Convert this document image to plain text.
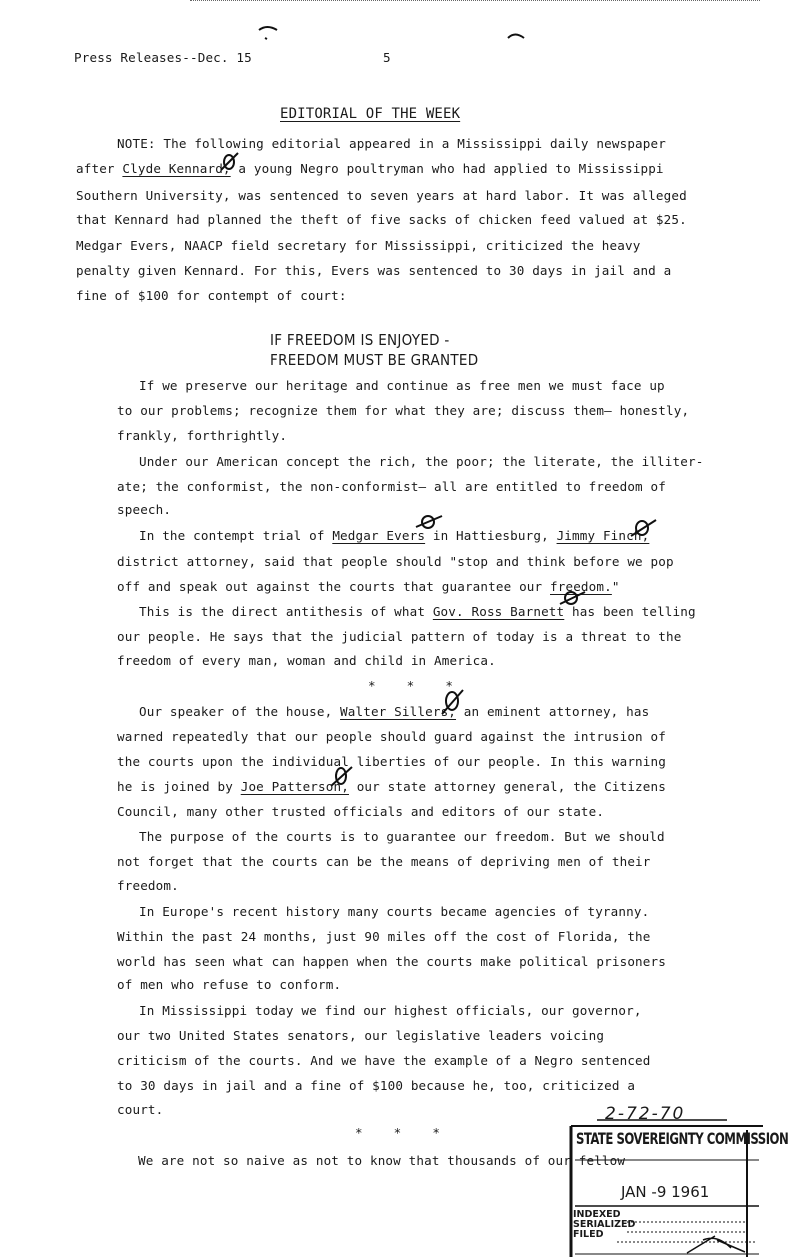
Press Releases--Dec. 15	5
EDITORIAL OF THE WEEK
NOTE: The following editorial appeared in a Mississippi daily newspaper
after Clyde Kennard, a young Negro poultryman who had applied to Mississippi
Southern University, was sentenced to seven years at hard labor. It was alleged
that Kennard had planned the theft of five sacks of chicken feed valued at $25.
Medgar Evers, NAACP field secretary for Mississippi, criticized the heavy
penalty given Kennard. For this, Evers was sentenced to 30 days in jail and a
fine of $100 for contempt of court:
IF FREEDOM IS ENJOYED -
FREEDOM MUST BE GRANTED
If we preserve our heritage and continue as free men we must face up
to our problems; recognize them for what they are; discuss them— honestly,
frankly, forthrightly.
Under our American concept the rich, the poor; the literate, the illiter-
ate; the conformist, the non-conformist— all are entitled to freedom of
speech.
In the contempt trial of Medgar Evers in Hattiesburg, Jimmy Finch,
district attorney, said that people should "stop and think before we pop
off and speak out against the courts that guarantee our freedom."
This is the direct antithesis of what Gov. Ross Barnett has been telling
our people. He says that the judicial pattern of today is a threat to the
freedom of every man, woman and child in America.
*    *    *
Our speaker of the house, Walter Sillers, an eminent attorney, has
warned repeatedly that our people should guard against the intrusion of
the courts upon the individual liberties of our people. In this warning
he is joined by Joe Patterson, our state attorney general, the Citizens
Council, many other trusted officials and editors of our state.
The purpose of the courts is to guarantee our freedom. But we should
not forget that the courts can be the means of depriving men of their
freedom.
In Europe's recent history many courts became agencies of tyranny.
Within the past 24 months, just 90 miles off the cost of Florida, the
world has seen what can happen when the courts make political prisoners
of men who refuse to conform.
In Mississippi today we find our highest officials, our governor,
our two United States senators, our legislative leaders voicing
criticism of the courts. And we have the example of a Negro sentenced
to 30 days in jail and a fine of $100 because he, too, criticized a
court.
*    *    *
We are not so naive as not to know that thousands of our fellow
2-72-70
STATE SOVEREIGNTY COMMISSION
JAN -9 1961
INDEXED
SERIALIZED
FILED
